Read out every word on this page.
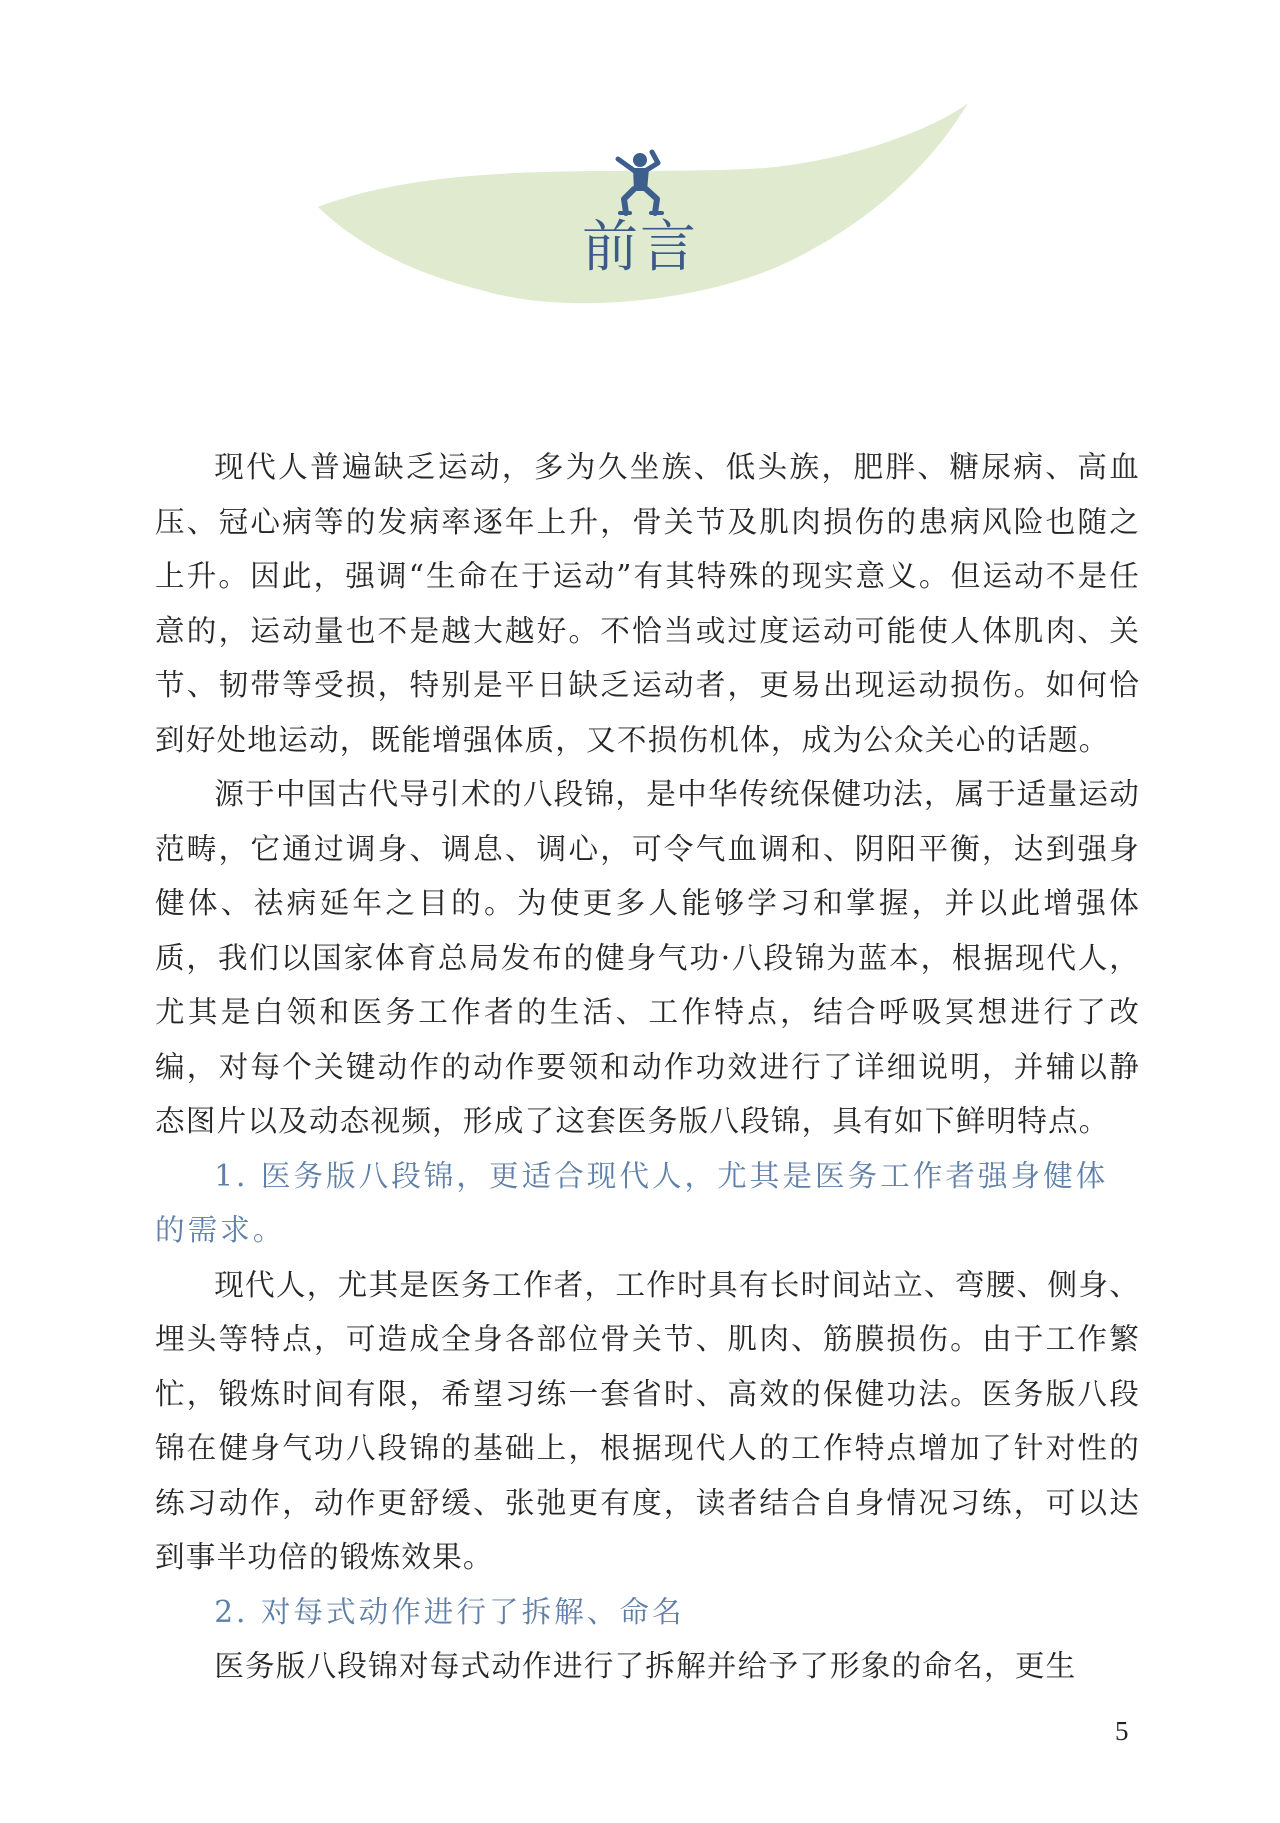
前言

现代人普遍缺乏运动，多为久坐族、低头族，肥胖、糖尿病、高血压、冠心病等的发病率逐年上升，骨关节及肌肉损伤的患病风险也随之上升。因此，强调“生命在于运动”有其特殊的现实意义。但运动不是任意的，运动量也不是越大越好。不恰当或过度运动可能使人体肌肉、关节、韧带等受损，特别是平日缺乏运动者，更易出现运动损伤。如何恰到好处地运动，既能增强体质，又不损伤机体，成为公众关心的话题。

源于中国古代导引术的八段锦，是中华传统保健功法，属于适量运动范畴，它通过调身、调息、调心，可令气血调和、阴阳平衡，达到强身健体、祛病延年之目的。为使更多人能够学习和掌握，并以此增强体质，我们以国家体育总局发布的健身气功·八段锦为蓝本，根据现代人，尤其是白领和医务工作者的生活、工作特点，结合呼吸冥想进行了改编，对每个关键动作的动作要领和动作功效进行了详细说明，并辅以静态图片以及动态视频，形成了这套医务版八段锦，具有如下鲜明特点。

1. 医务版八段锦，更适合现代人，尤其是医务工作者强身健体的需求。

现代人，尤其是医务工作者，工作时具有长时间站立、弯腰、侧身、埋头等特点，可造成全身各部位骨关节、肌肉、筋膜损伤。由于工作繁忙，锻炼时间有限，希望习练一套省时、高效的保健功法。医务版八段锦在健身气功八段锦的基础上，根据现代人的工作特点增加了针对性的练习动作，动作更舒缓、张弛更有度，读者结合自身情况习练，可以达到事半功倍的锻炼效果。

2. 对每式动作进行了拆解、命名

医务版八段锦对每式动作进行了拆解并给予了形象的命名，更生

5
